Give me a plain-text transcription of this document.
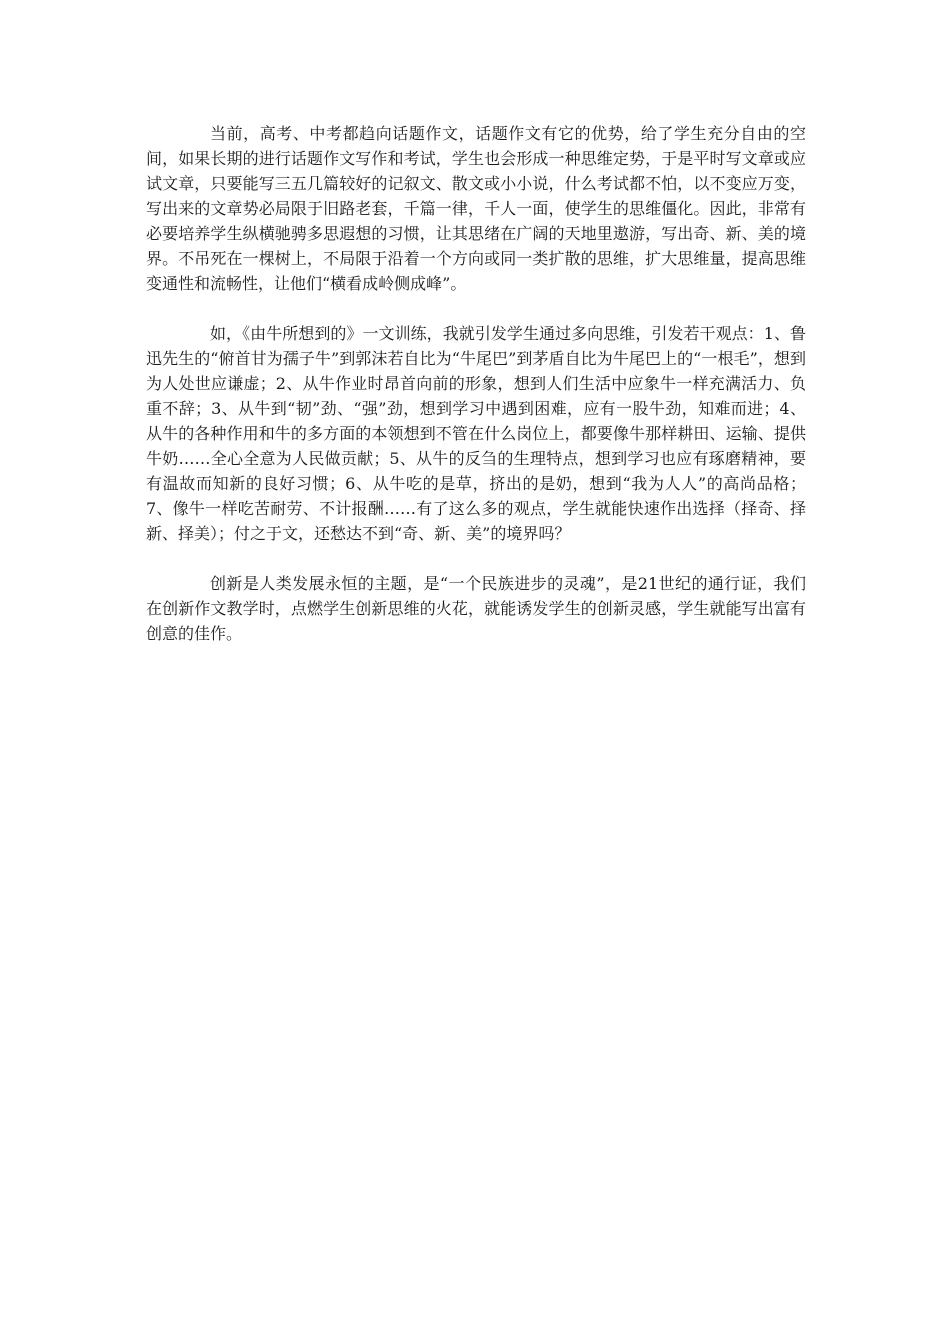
当前，高考、中考都趋向话题作文，话题作文有它的优势，给了学生充分自由的空间，如果长期的进行话题作文写作和考试，学生也会形成一种思维定势，于是平时写文章或应试文章，只要能写三五几篇较好的记叙文、散文或小小说，什么考试都不怕，以不变应万变，写出来的文章势必局限于旧路老套，千篇一律，千人一面，使学生的思维僵化。因此，非常有必要培养学生纵横驰骋多思遐想的习惯，让其思绪在广阔的天地里遨游，写出奇、新、美的境界。不吊死在一棵树上，不局限于沿着一个方向或同一类扩散的思维，扩大思维量，提高思维变通性和流畅性，让他们“横看成岭侧成峰”。

如，《由牛所想到的》一文训练，我就引发学生通过多向思维，引发若干观点：1、鲁迅先生的“俯首甘为孺子牛”到郭沫若自比为“牛尾巴”到茅盾自比为牛尾巴上的“一根毛”，想到为人处世应谦虚；2、从牛作业时昂首向前的形象，想到人们生活中应象牛一样充满活力、负重不辞；3、从牛到“韧”劲、“强”劲，想到学习中遇到困难，应有一股牛劲，知难而进；4、从牛的各种作用和牛的多方面的本领想到不管在什么岗位上，都要像牛那样耕田、运输、提供牛奶……全心全意为人民做贡献；5、从牛的反刍的生理特点，想到学习也应有琢磨精神，要有温故而知新的良好习惯；6、从牛吃的是草，挤出的是奶，想到“我为人人”的高尚品格；7、像牛一样吃苦耐劳、不计报酬……有了这么多的观点，学生就能快速作出选择（择奇、择新、择美）；付之于文，还愁达不到“奇、新、美”的境界吗？

创新是人类发展永恒的主题，是“一个民族进步的灵魂”，是21世纪的通行证，我们在创新作文教学时，点燃学生创新思维的火花，就能诱发学生的创新灵感，学生就能写出富有创意的佳作。
